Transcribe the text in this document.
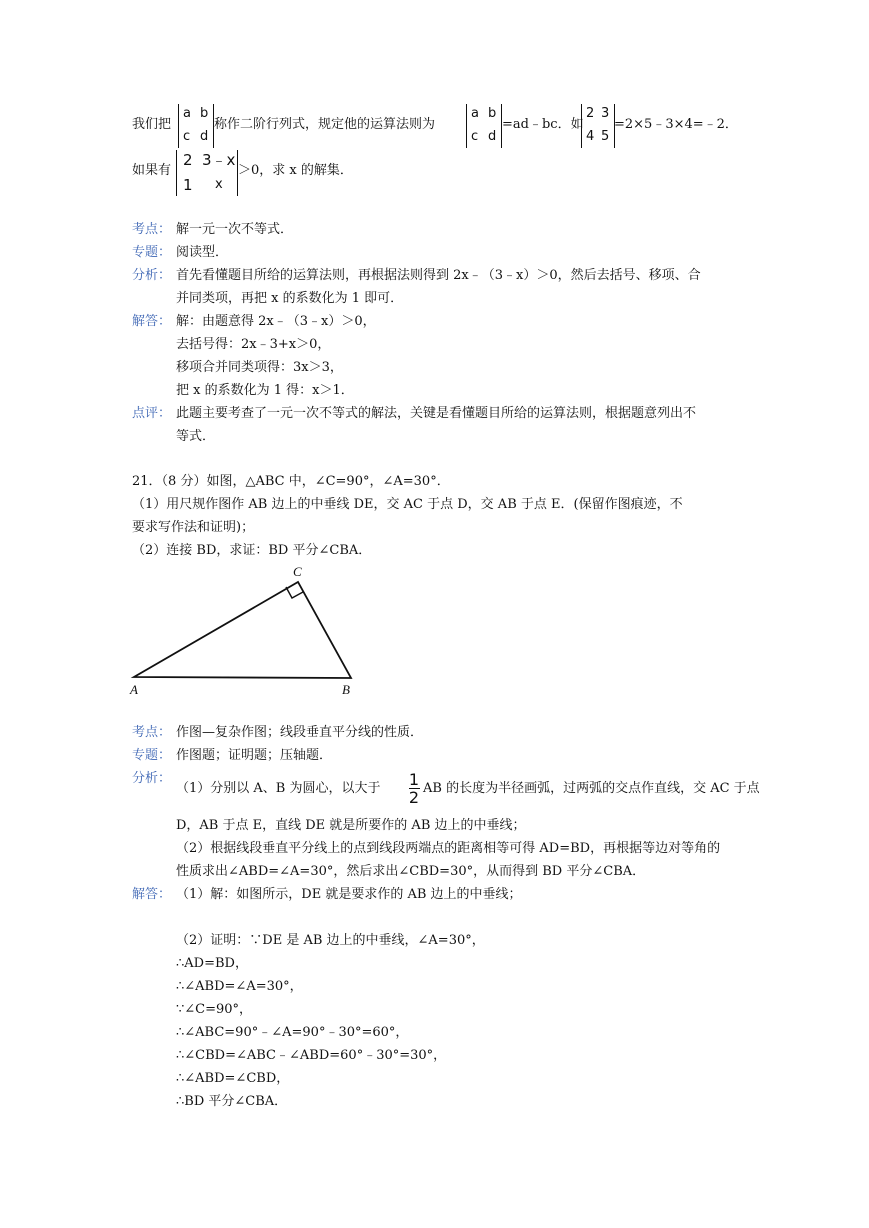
我们把
a b
c d
称作二阶行列式，规定他的运算法则为
a b
c d
=ad﹣bc．如
2 3
4 5
=2×5﹣3×4=﹣2．
如果有
2 3﹣x
1 x
＞0，求 x 的解集．
考点： 解一元一次不等式．
专题： 阅读型．
分析： 首先看懂题目所给的运算法则，再根据法则得到 2x﹣（3﹣x）＞0，然后去括号、移项、合
并同类项，再把 x 的系数化为 1 即可．
解答： 解：由题意得 2x﹣（3﹣x）＞0，
去括号得：2x﹣3+x＞0，
移项合并同类项得：3x＞3，
把 x 的系数化为 1 得：x＞1．
点评： 此题主要考查了一元一次不等式的解法，关键是看懂题目所给的运算法则，根据题意列出不
等式．
21．（8 分）如图，△ABC 中，∠C=90°，∠A=30°．
（1）用尺规作图作 AB 边上的中垂线 DE，交 AC 于点 D，交 AB 于点 E．(保留作图痕迹，不
要求写作法和证明)；
（2）连接 BD，求证：BD 平分∠CBA．
C
A	B
考点： 作图—复杂作图；线段垂直平分线的性质．
专题： 作图题；证明题；压轴题．
分析：
（1）分别以 A、B 为圆心，以大于 1
2 AB 的长度为半径画弧，过两弧的交点作直线，交 AC 于点
D，AB 于点 E，直线 DE 就是所要作的 AB 边上的中垂线；
（2）根据线段垂直平分线上的点到线段两端点的距离相等可得 AD=BD，再根据等边对等角的
性质求出∠ABD=∠A=30°，然后求出∠CBD=30°，从而得到 BD 平分∠CBA．
解答： （1）解：如图所示，DE 就是要求作的 AB 边上的中垂线；
（2）证明：∵DE 是 AB 边上的中垂线，∠A=30°，
∴AD=BD，
∴∠ABD=∠A=30°，
∵∠C=90°，
∴∠ABC=90°﹣∠A=90°﹣30°=60°，
∴∠CBD=∠ABC﹣∠ABD=60°﹣30°=30°，
∴∠ABD=∠CBD，
∴BD 平分∠CBA．
